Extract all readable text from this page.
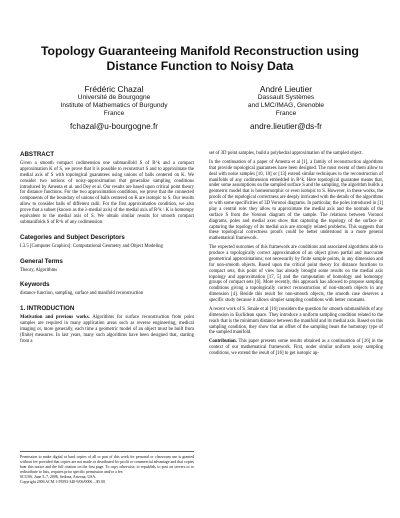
Topology Guaranteeing Manifold Reconstruction using
Distance Function to Noisy Data
Frédéric Chazal
Université de Bourgogne
Institute of Mathematics of Burgundy
France
fchazal@u-bourgogne.fr
André Lieutier
Dassault Systèmes
and LMC/IMAG, Grenoble
France
andre.lieutier@ds-fr
ABSTRACT

Given a smooth compact codimension one submanifold S of R^k and a compact approximation K of S, we prove that it is possible to reconstruct S and to approximate the medial axis of S with topological guarantees using unions of balls centered on K. We consider two notions of noisy-approximation that generalize sampling conditions introduced by Amenta et al. and Dey et al. Our results are based upon critical point theory for distance functions. For the two approximation conditions, we prove that the connected components of the boundary of unions of balls centered on K are isotopic to S. Our results allow to consider balls of different radii. For the first approximation condition, we also prove that a subset (known as the λ-medial axis) of the medial axis of R^k \ K is homotopy equivalent to the medial axis of S. We obtain similar results for smooth compact submanifolds S of R^k of any codimension.

Categories and Subject Descriptors

I.3.5 [Computer Graphics]: Computational Geometry and Object Modeling

General Terms

Theory, Algorithms

Keywords

distance function, sampling, surface and manifold reconstruction

1. INTRODUCTION

Motivation and previous works. Algorithms for surface reconstruction from point samples are required in many application areas such as reverse engineering, medical imaging or, more generally, each time a geometric model of an object must be built from (finite) measures. In last years, many such algorithms have been designed that, starting from a

Permission to make digital or hard copies of all or part of this work for personal or classroom use is granted without fee provided that copies are not made or distributed for profit or commercial advantage and that copies bear this notice and the full citation on the first page. To copy otherwise, to republish, to post on servers or to redistribute to lists, requires prior specific permission and/or a fee.

SCG'06, June 5–7, 2006, Sedona, Arizona, USA.

Copyright 2006 ACM 1-59593-340-9/06/0006 ...$5.00.

set of 3D point samples, build a polyhedral approximation of the sampled object.

In the continuation of a paper of Amenta et al [1], a family of reconstruction algorithms that provide topological guarantees have been designed. The most recent of them allow to deal with noise samples [10, 18] or [13] extend similar techniques to the reconstruction of manifolds of any codimension embedded in R^k. Here topological guarantee means that, under some assumptions on the sampled surface S and the sampling, the algorithm builds a geometric model that is homeomorphic or even isotopic to S. However, in these works, the proofs of the topological correctness are deeply intricated with the details of the algorithms or with some specificities of 3D Voronoi diagrams. In particular, the poles introduced in [1] play a central role: they allow to approximate the medial axis and the normals of the surface S from the Voronoi diagram of the sample. The relations between Voronoi diagrams, poles and medial axes show that capturing the topology of the surface or capturing the topology of its medial axis are strongly related problems. This suggests that these topological correctness proofs could be better understood in a more general mathematical framework.

The expected outcomes of this framework are conditions and associated algorithms able to produce a topologically correct approximation of an object given partial and inaccurate geometrical approximations; not necessarily by finite sample points, in any dimension and for non-smooth objects. Based upon the critical point theory for distance functions to compact sets, this point of view has already brought some results on the medial axis topology and approximation [17, 5] and the computation of homology and homotopy groups of compact sets [6]. More recently, this approach has allowed to propose sampling conditions giving a topologically correct reconstruction of non-smooth objects in any dimension [4]. Beside this result for non-smooth objects, the smooth case deserves a specific study because it allows simpler sampling conditions with better constants.

A recent work of S. Smale et al [16] considers the question for smooth submanifolds of any dimension in Euclidean space. They introduce a uniform sampling condition related to the reach that is the minimum distance between the manifold and its medial axis. Based on this sampling condition, they show that an offset of the sampling bears the homotopy type of the sampled manifold.

Contribution. This paper presents some results obtained as a continuation of [16] in the context of our mathematical framework. First, under similar uniform noisy sampling conditions, we extend the result of [16] to get isotopic ap-
